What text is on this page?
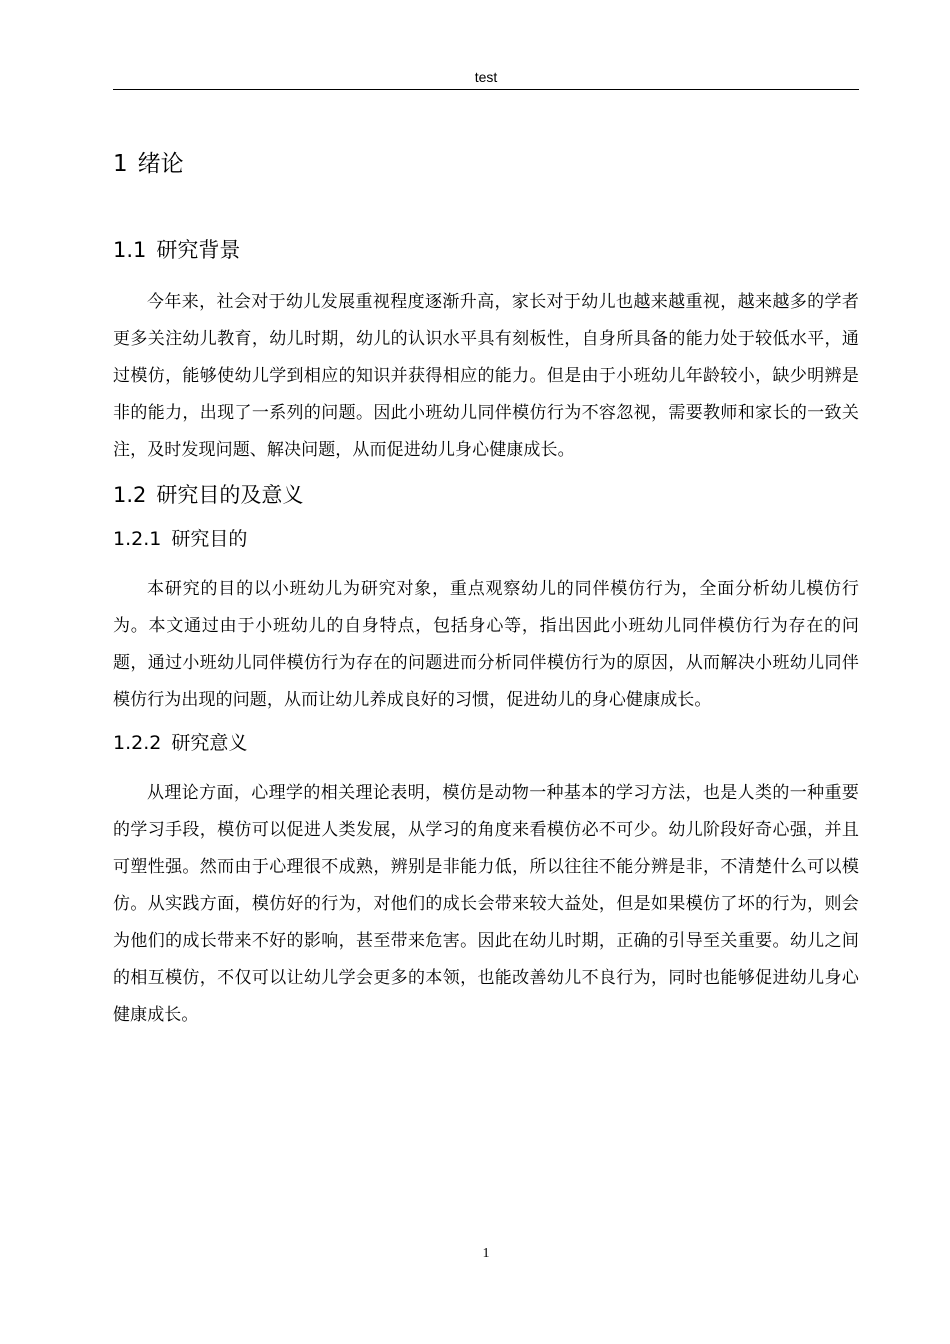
test
1 绪论
1.1 研究背景

今年来，社会对于幼儿发展重视程度逐渐升高，家长对于幼儿也越来越重视，越来越多的学者更多关注幼儿教育，幼儿时期，幼儿的认识水平具有刻板性，自身所具备的能力处于较低水平，通过模仿，能够使幼儿学到相应的知识并获得相应的能力。但是由于小班幼儿年龄较小，缺少明辨是非的能力，出现了一系列的问题。因此小班幼儿同伴模仿行为不容忽视，需要教师和家长的一致关注，及时发现问题、解决问题，从而促进幼儿身心健康成长。

1.2 研究目的及意义
1.2.1 研究目的

本研究的目的以小班幼儿为研究对象，重点观察幼儿的同伴模仿行为，全面分析幼儿模仿行为。本文通过由于小班幼儿的自身特点，包括身心等，指出因此小班幼儿同伴模仿行为存在的问题，通过小班幼儿同伴模仿行为存在的问题进而分析同伴模仿行为的原因，从而解决小班幼儿同伴模仿行为出现的问题，从而让幼儿养成良好的习惯，促进幼儿的身心健康成长。

1.2.2 研究意义

从理论方面，心理学的相关理论表明，模仿是动物一种基本的学习方法，也是人类的一种重要的学习手段，模仿可以促进人类发展，从学习的角度来看模仿必不可少。幼儿阶段好奇心强，并且可塑性强。然而由于心理很不成熟，辨别是非能力低，所以往往不能分辨是非，不清楚什么可以模仿。从实践方面，模仿好的行为，对他们的成长会带来较大益处，但是如果模仿了坏的行为，则会为他们的成长带来不好的影响，甚至带来危害。因此在幼儿时期，正确的引导至关重要。幼儿之间的相互模仿，不仅可以让幼儿学会更多的本领，也能改善幼儿不良行为，同时也能够促进幼儿身心健康成长。

1
